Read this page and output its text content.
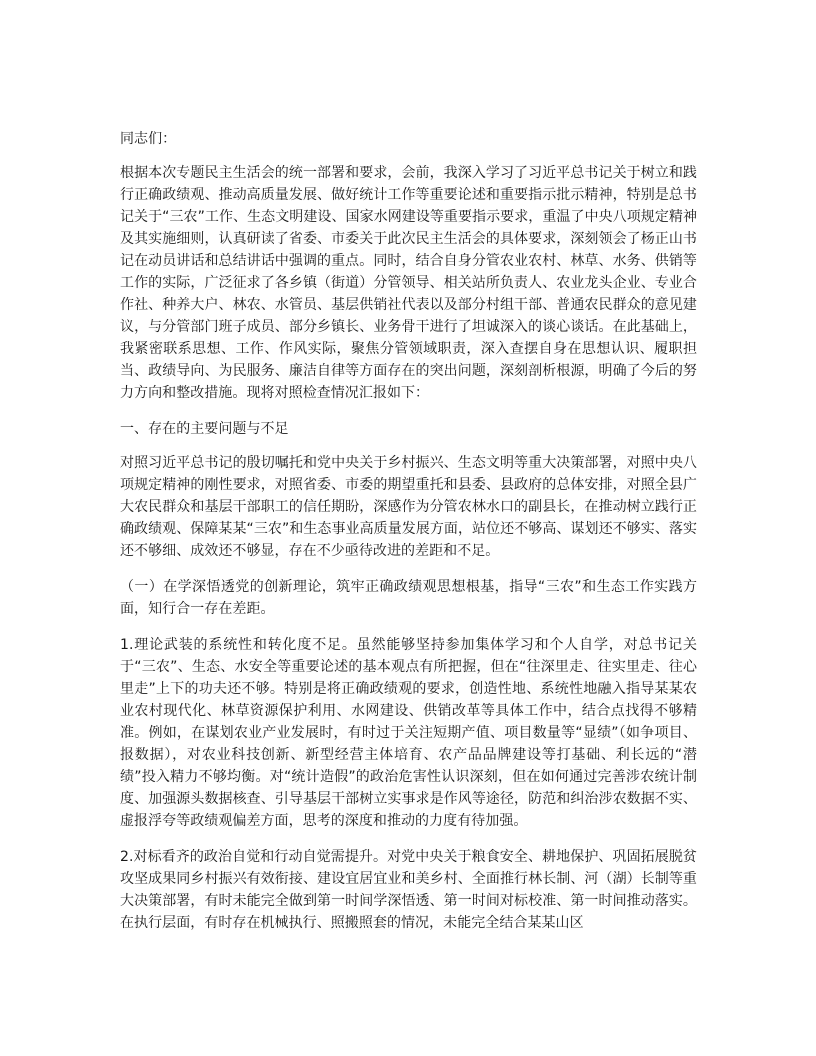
同志们：

根据本次专题民主生活会的统一部署和要求，会前，我深入学习了习近平总书记关于树立和践行正确政绩观、推动高质量发展、做好统计工作等重要论述和重要指示批示精神，特别是总书记关于“三农”工作、生态文明建设、国家水网建设等重要指示要求，重温了中央八项规定精神及其实施细则，认真研读了省委、市委关于此次民主生活会的具体要求，深刻领会了杨正山书记在动员讲话和总结讲话中强调的重点。同时，结合自身分管农业农村、林草、水务、供销等工作的实际，广泛征求了各乡镇（街道）分管领导、相关站所负责人、农业龙头企业、专业合作社、种养大户、林农、水管员、基层供销社代表以及部分村组干部、普通农民群众的意见建议，与分管部门班子成员、部分乡镇长、业务骨干进行了坦诚深入的谈心谈话。在此基础上，我紧密联系思想、工作、作风实际，聚焦分管领域职责，深入查摆自身在思想认识、履职担当、政绩导向、为民服务、廉洁自律等方面存在的突出问题，深刻剖析根源，明确了今后的努力方向和整改措施。现将对照检查情况汇报如下：

一、存在的主要问题与不足

对照习近平总书记的殷切嘱托和党中央关于乡村振兴、生态文明等重大决策部署，对照中央八项规定精神的刚性要求，对照省委、市委的期望重托和县委、县政府的总体安排，对照全县广大农民群众和基层干部职工的信任期盼，深感作为分管农林水口的副县长，在推动树立践行正确政绩观、保障某某“三农”和生态事业高质量发展方面，站位还不够高、谋划还不够实、落实还不够细、成效还不够显，存在不少亟待改进的差距和不足。

（一）在学深悟透党的创新理论，筑牢正确政绩观思想根基，指导“三农”和生态工作实践方面，知行合一存在差距。

1.理论武装的系统性和转化度不足。虽然能够坚持参加集体学习和个人自学，对总书记关于“三农”、生态、水安全等重要论述的基本观点有所把握，但在“往深里走、往实里走、往心里走”上下的功夫还不够。特别是将正确政绩观的要求，创造性地、系统性地融入指导某某农业农村现代化、林草资源保护利用、水网建设、供销改革等具体工作中，结合点找得不够精准。例如，在谋划农业产业发展时，有时过于关注短期产值、项目数量等“显绩”（如争项目、报数据），对农业科技创新、新型经营主体培育、农产品品牌建设等打基础、利长远的“潜绩”投入精力不够均衡。对“统计造假”的政治危害性认识深刻，但在如何通过完善涉农统计制度、加强源头数据核查、引导基层干部树立实事求是作风等途径，防范和纠治涉农数据不实、虚报浮夸等政绩观偏差方面，思考的深度和推动的力度有待加强。

2.对标看齐的政治自觉和行动自觉需提升。对党中央关于粮食安全、耕地保护、巩固拓展脱贫攻坚成果同乡村振兴有效衔接、建设宜居宜业和美乡村、全面推行林长制、河（湖）长制等重大决策部署，有时未能完全做到第一时间学深悟透、第一时间对标校准、第一时间推动落实。在执行层面，有时存在机械执行、照搬照套的情况，未能完全结合某某山区
